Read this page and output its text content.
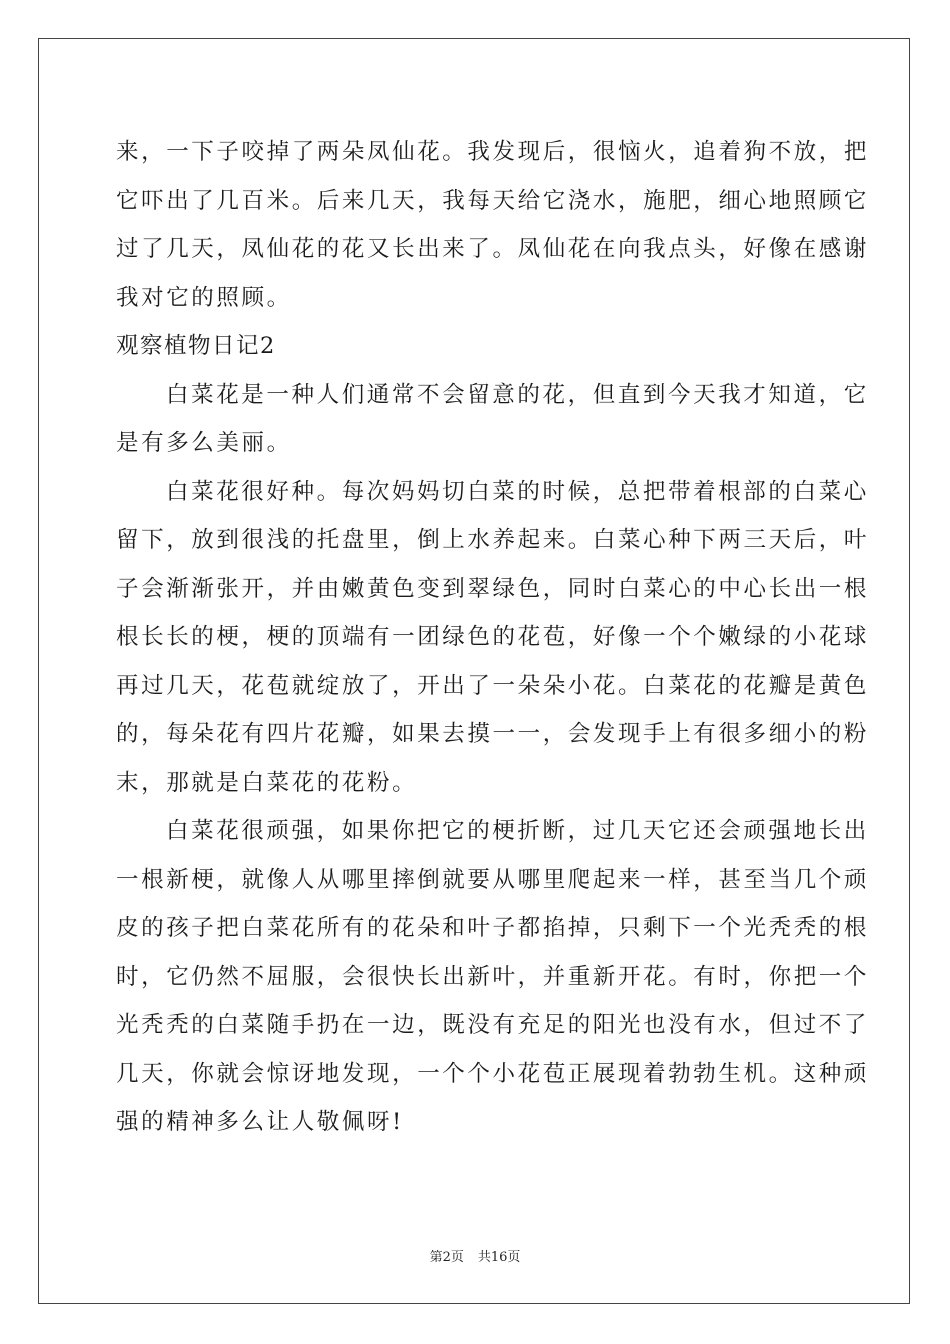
来，一下子咬掉了两朵凤仙花。我发现后，很恼火，追着狗不放，把
它吓出了几百米。后来几天，我每天给它浇水，施肥，细心地照顾它
过了几天，凤仙花的花又长出来了。凤仙花在向我点头，好像在感谢
我对它的照顾。
观察植物日记2
白菜花是一种人们通常不会留意的花，但直到今天我才知道，它
是有多么美丽。
白菜花很好种。每次妈妈切白菜的时候，总把带着根部的白菜心
留下，放到很浅的托盘里，倒上水养起来。白菜心种下两三天后，叶
子会渐渐张开，并由嫩黄色变到翠绿色，同时白菜心的中心长出一根
根长长的梗，梗的顶端有一团绿色的花苞，好像一个个嫩绿的小花球
再过几天，花苞就绽放了，开出了一朵朵小花。白菜花的花瓣是黄色
的，每朵花有四片花瓣，如果去摸一一，会发现手上有很多细小的粉
末，那就是白菜花的花粉。
白菜花很顽强，如果你把它的梗折断，过几天它还会顽强地长出
一根新梗，就像人从哪里摔倒就要从哪里爬起来一样，甚至当几个顽
皮的孩子把白菜花所有的花朵和叶子都掐掉，只剩下一个光秃秃的根
时，它仍然不屈服，会很快长出新叶，并重新开花。有时，你把一个
光秃秃的白菜随手扔在一边，既没有充足的阳光也没有水，但过不了
几天，你就会惊讶地发现，一个个小花苞正展现着勃勃生机。这种顽
强的精神多么让人敬佩呀!
第2页 共16页
